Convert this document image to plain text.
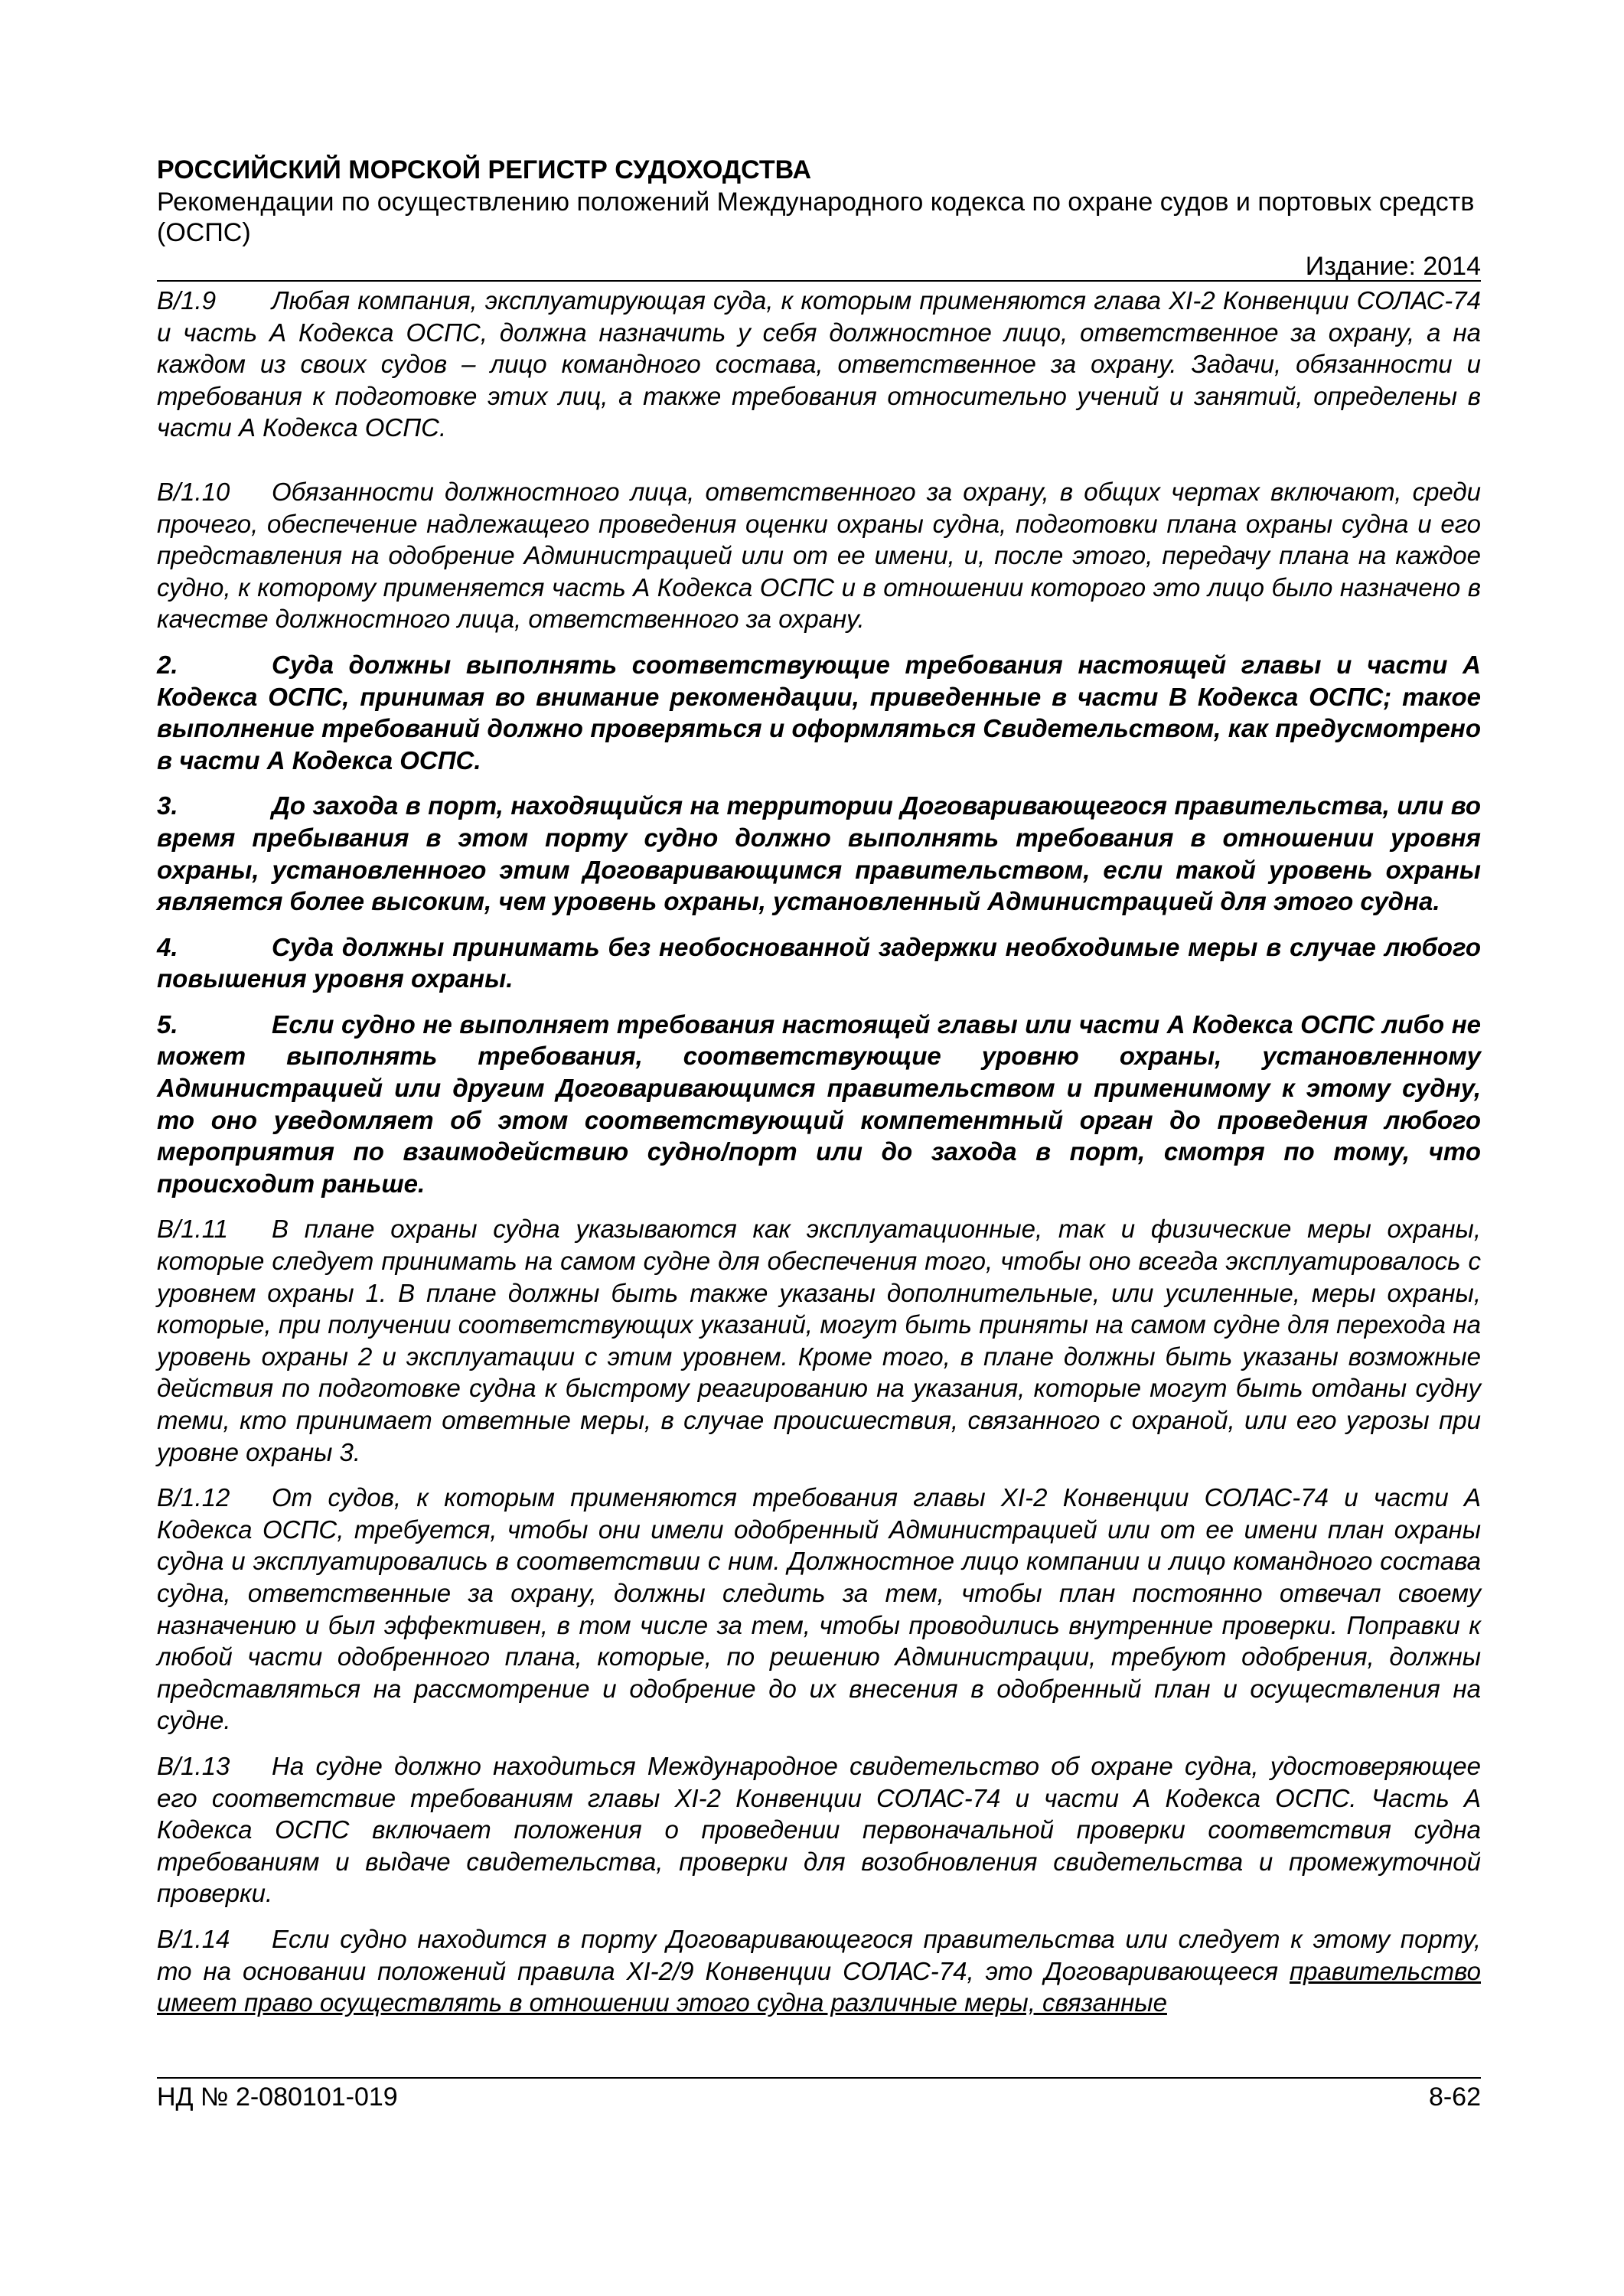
РОССИЙСКИЙ МОРСКОЙ РЕГИСТР СУДОХОДСТВА

Рекомендации по осуществлению положений Международного кодекса по охране судов и портовых средств (ОСПС)

Издание: 2014

B/1.9 Любая компания, эксплуатирующая суда, к которым применяются глава XI-2 Конвенции СОЛАС-74 и часть А Кодекса ОСПС, должна назначить у себя должностное лицо, ответственное за охрану, а на каждом из своих судов – лицо командного состава, ответственное за охрану. Задачи, обязанности и требования к подготовке этих лиц, а также требования относительно учений и занятий, определены в части А Кодекса ОСПС.

B/1.10 Обязанности должностного лица, ответственного за охрану, в общих чертах включают, среди прочего, обеспечение надлежащего проведения оценки охраны судна, подготовки плана охраны судна и его представления на одобрение Администрацией или от ее имени, и, после этого, передачу плана на каждое судно, к которому применяется часть А Кодекса ОСПС и в отношении которого это лицо было назначено в качестве должностного лица, ответственного за охрану.

2.	Суда должны выполнять соответствующие требования настоящей главы и части А Кодекса ОСПС, принимая во внимание рекомендации, приведенные в части В Кодекса ОСПС; такое выполнение требований должно проверяться и оформляться Свидетельством, как предусмотрено в части А Кодекса ОСПС.

3.	До захода в порт, находящийся на территории Договаривающегося правительства, или во время пребывания в этом порту судно должно выполнять требования в отношении уровня охраны, установленного этим Договаривающимся правительством, если такой уровень охраны является более высоким, чем уровень охраны, установленный Администрацией для этого судна.

4.	Суда должны принимать без необоснованной задержки необходимые меры в случае любого повышения уровня охраны.

5.	Если судно не выполняет требования настоящей главы или части А Кодекса ОСПС либо не может выполнять требования, соответствующие уровню охраны, установленному Администрацией или другим Договаривающимся правительством и применимому к этому судну, то оно уведомляет об этом соответствующий компетентный орган до проведения любого мероприятия по взаимодействию судно/порт или до захода в порт, смотря по тому, что происходит раньше.

B/1.11 В плане охраны судна указываются как эксплуатационные, так и физические меры охраны, которые следует принимать на самом судне для обеспечения того, чтобы оно всегда эксплуатировалось с уровнем охраны 1. В плане должны быть также указаны дополнительные, или усиленные, меры охраны, которые, при получении соответствующих указаний, могут быть приняты на самом судне для перехода на уровень охраны 2 и эксплуатации с этим уровнем. Кроме того, в плане должны быть указаны возможные действия по подготовке судна к быстрому реагированию на указания, которые могут быть отданы судну теми, кто принимает ответные меры, в случае происшествия, связанного с охраной, или его угрозы при уровне охраны 3.

B/1.12 От судов, к которым применяются требования главы XI-2 Конвенции СОЛАС-74 и части А Кодекса ОСПС, требуется, чтобы они имели одобренный Администрацией или от ее имени план охраны судна и эксплуатировались в соответствии с ним. Должностное лицо компании и лицо командного состава судна, ответственные за охрану, должны следить за тем, чтобы план постоянно отвечал своему назначению и был эффективен, в том числе за тем, чтобы проводились внутренние проверки. Поправки к любой части одобренного плана, которые, по решению Администрации, требуют одобрения, должны представляться на рассмотрение и одобрение до их внесения в одобренный план и осуществления на судне.

B/1.13 На судне должно находиться Международное свидетельство об охране судна, удостоверяющее его соответствие требованиям главы XI-2 Конвенции СОЛАС-74 и части А Кодекса ОСПС. Часть А Кодекса ОСПС включает положения о проведении первоначальной проверки соответствия судна требованиям и выдаче свидетельства, проверки для возобновления свидетельства и промежуточной проверки.

B/1.14 Если судно находится в порту Договаривающегося правительства или следует к этому порту, то на основании положений правила XI-2/9 Конвенции СОЛАС-74, это Договаривающееся правительство имеет право осуществлять в отношении этого судна различные меры, связанные

НД № 2-080101-019	8-62
